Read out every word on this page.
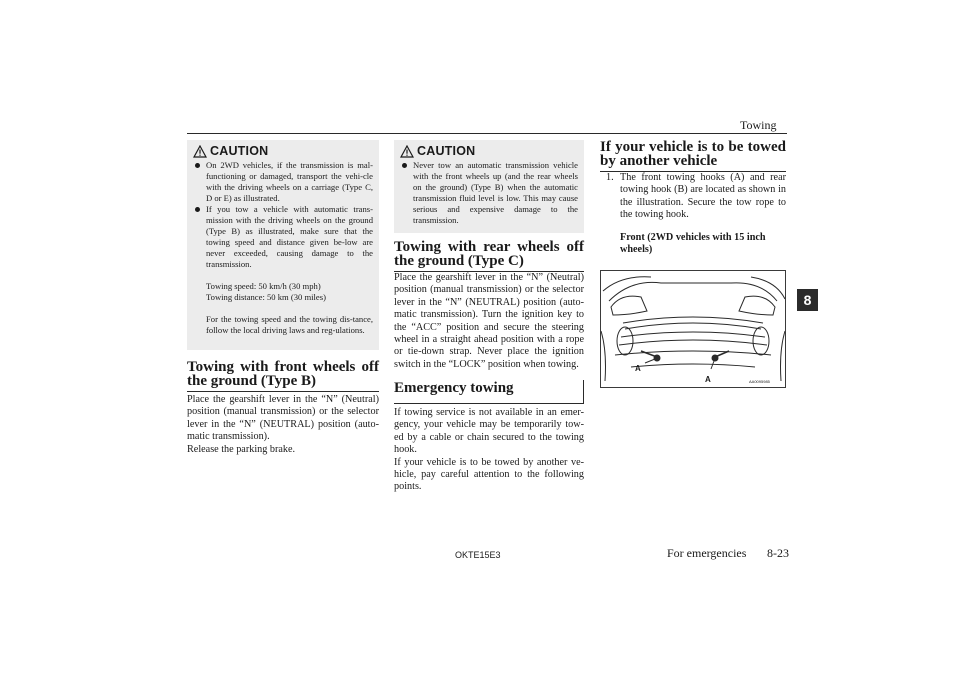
Towing
8
CAUTION
On 2WD vehicles, if the transmission is mal-functioning or damaged, transport the vehi-cle with the driving wheels on a carriage (Type C, D or E) as illustrated.
If you tow a vehicle with automatic trans-mission with the driving wheels on the ground (Type B) as illustrated, make sure that the towing speed and distance given be-low are never exceeded, causing damage to the transmission.
Towing speed: 50 km/h (30 mph)
Towing distance: 50 km (30 miles)
For the towing speed and the towing dis-tance, follow the local driving laws and reg-ulations.
Towing with front wheels off the ground (Type B)
Place the gearshift lever in the “N” (Neutral) position (manual transmission) or the selector lever in the “N” (NEUTRAL) position (auto-matic transmission).
Release the parking brake.
CAUTION
Never tow an automatic transmission vehicle with the front wheels up (and the rear wheels on the ground) (Type B) when the automatic transmission fluid level is low. This may cause serious and expensive damage to the transmission.
Towing with rear wheels off the ground (Type C)
Place the gearshift lever in the “N” (Neutral) position (manual transmission) or the selector lever in the “N” (NEUTRAL) position (auto-matic transmission). Turn the ignition key to the “ACC” position and secure the steering wheel in a straight ahead position with a rope or tie-down strap. Never place the ignition switch in the “LOCK” position when towing.
Emergency towing
If towing service is not available in an emer-gency, your vehicle may be temporarily tow-ed by a cable or chain secured to the towing hook.
If your vehicle is to be towed by another ve-hicle, pay careful attention to the following points.
If your vehicle is to be towed by another vehicle
1. The front towing hooks (A) and rear towing hook (B) are located as shown in the illustration. Secure the tow rope to the towing hook.
Front (2WD vehicles with 15 inch wheels)
A
A	AA0095985
OKTE15E3	For emergencies 8-23
